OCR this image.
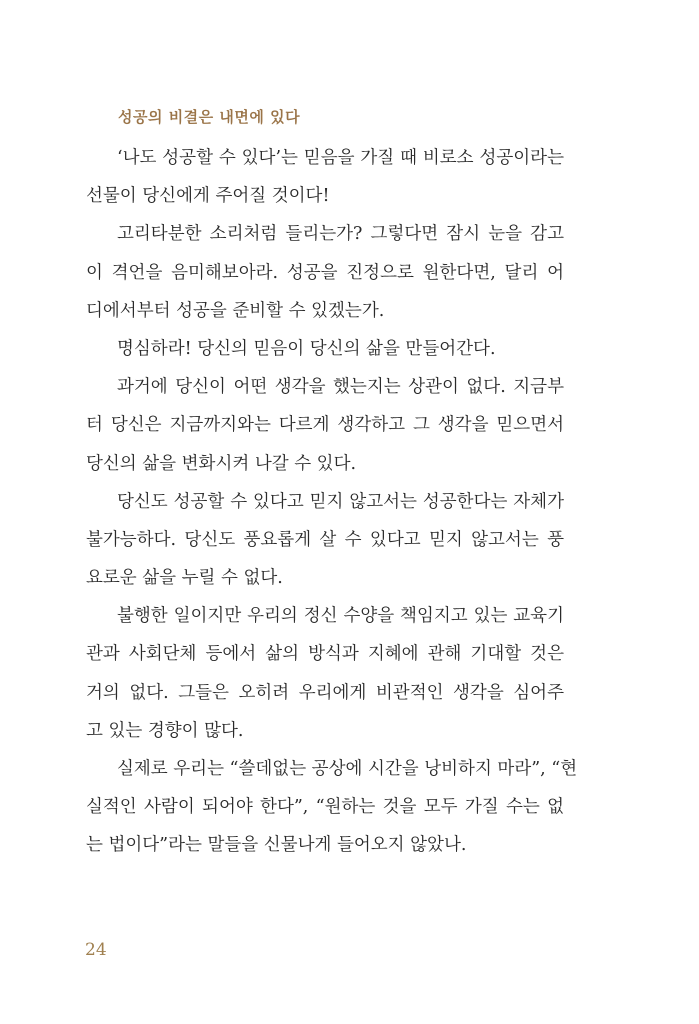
성공의 비결은 내면에 있다
‘나도 성공할 수 있다’는 믿음을 가질 때 비로소 성공이라는
선물이 당신에게 주어질 것이다!
고리타분한 소리처럼 들리는가? 그렇다면 잠시 눈을 감고
이 격언을 음미해보아라. 성공을 진정으로 원한다면, 달리 어
디에서부터 성공을 준비할 수 있겠는가.
명심하라! 당신의 믿음이 당신의 삶을 만들어간다.
과거에 당신이 어떤 생각을 했는지는 상관이 없다. 지금부
터 당신은 지금까지와는 다르게 생각하고 그 생각을 믿으면서
당신의 삶을 변화시켜 나갈 수 있다.
당신도 성공할 수 있다고 믿지 않고서는 성공한다는 자체가
불가능하다. 당신도 풍요롭게 살 수 있다고 믿지 않고서는 풍
요로운 삶을 누릴 수 없다.
불행한 일이지만 우리의 정신 수양을 책임지고 있는 교육기
관과 사회단체 등에서 삶의 방식과 지혜에 관해 기대할 것은
거의 없다. 그들은 오히려 우리에게 비관적인 생각을 심어주
고 있는 경향이 많다.
실제로 우리는 “쓸데없는 공상에 시간을 낭비하지 마라”, “현
실적인 사람이 되어야 한다”, “원하는 것을 모두 가질 수는 없
는 법이다”라는 말들을 신물나게 들어오지 않았나.
24
